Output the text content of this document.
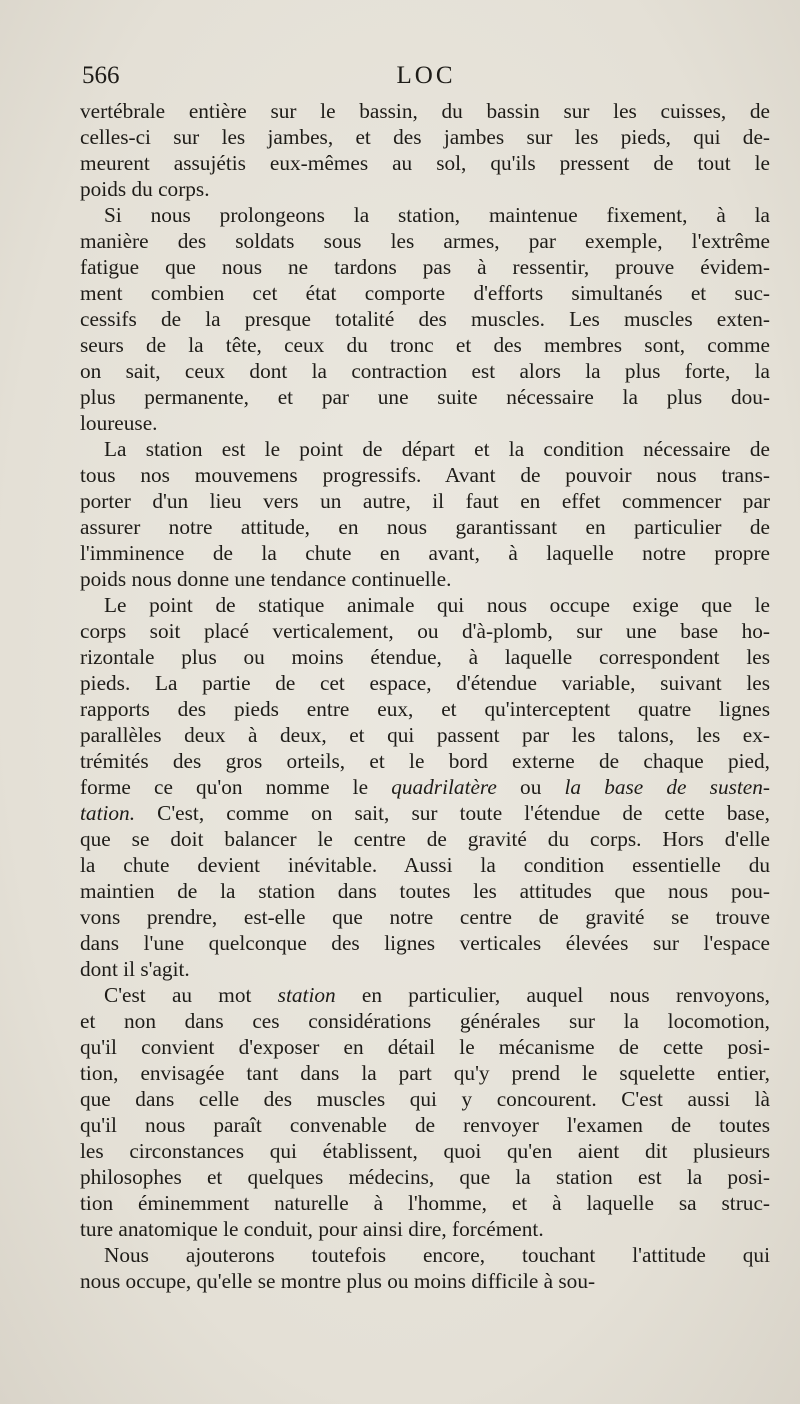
566	LOC
vertébrale entière sur le bassin, du bassin sur les cuisses, de
celles-ci sur les jambes, et des jambes sur les pieds, qui de-
meurent assujétis eux-mêmes au sol, qu'ils pressent de tout le
poids du corps.
Si nous prolongeons la station, maintenue fixement, à la
manière des soldats sous les armes, par exemple, l'extrême
fatigue que nous ne tardons pas à ressentir, prouve évidem-
ment combien cet état comporte d'efforts simultanés et suc-
cessifs de la presque totalité des muscles. Les muscles exten-
seurs de la tête, ceux du tronc et des membres sont, comme
on sait, ceux dont la contraction est alors la plus forte, la
plus permanente, et par une suite nécessaire la plus dou-
loureuse.
La station est le point de départ et la condition nécessaire de
tous nos mouvemens progressifs. Avant de pouvoir nous trans-
porter d'un lieu vers un autre, il faut en effet commencer par
assurer notre attitude, en nous garantissant en particulier de
l'imminence de la chute en avant, à laquelle notre propre
poids nous donne une tendance continuelle.
Le point de statique animale qui nous occupe exige que le
corps soit placé verticalement, ou d'à-plomb, sur une base ho-
rizontale plus ou moins étendue, à laquelle correspondent les
pieds. La partie de cet espace, d'étendue variable, suivant les
rapports des pieds entre eux, et qu'interceptent quatre lignes
parallèles deux à deux, et qui passent par les talons, les ex-
trémités des gros orteils, et le bord externe de chaque pied,
forme ce qu'on nomme le quadrilatère ou la base de susten-
tation. C'est, comme on sait, sur toute l'étendue de cette base,
que se doit balancer le centre de gravité du corps. Hors d'elle
la chute devient inévitable. Aussi la condition essentielle du
maintien de la station dans toutes les attitudes que nous pou-
vons prendre, est-elle que notre centre de gravité se trouve
dans l'une quelconque des lignes verticales élevées sur l'espace
dont il s'agit.
C'est au mot station en particulier, auquel nous renvoyons,
et non dans ces considérations générales sur la locomotion,
qu'il convient d'exposer en détail le mécanisme de cette posi-
tion, envisagée tant dans la part qu'y prend le squelette entier,
que dans celle des muscles qui y concourent. C'est aussi là
qu'il nous paraît convenable de renvoyer l'examen de toutes
les circonstances qui établissent, quoi qu'en aient dit plusieurs
philosophes et quelques médecins, que la station est la posi-
tion éminemment naturelle à l'homme, et à laquelle sa struc-
ture anatomique le conduit, pour ainsi dire, forcément.
Nous ajouterons toutefois encore, touchant l'attitude qui
nous occupe, qu'elle se montre plus ou moins difficile à sou-
